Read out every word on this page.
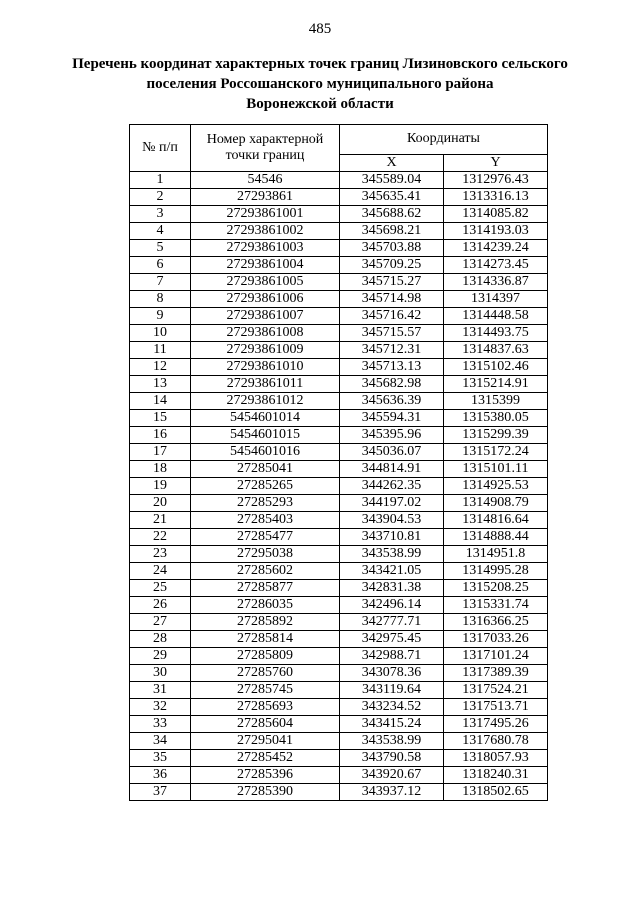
485
Перечень координат характерных точек границ Лизиновского сельского
поселения Россошанского муниципального района
Воронежской области
№ п/п	Номер характерной
точки границ	Координаты	
		X	Y
1	54546	345589.04	1312976.43
2	27293861	345635.41	1313316.13
3	27293861001	345688.62	1314085.82
4	27293861002	345698.21	1314193.03
5	27293861003	345703.88	1314239.24
6	27293861004	345709.25	1314273.45
7	27293861005	345715.27	1314336.87
8	27293861006	345714.98	1314397
9	27293861007	345716.42	1314448.58
10	27293861008	345715.57	1314493.75
11	27293861009	345712.31	1314837.63
12	27293861010	345713.13	1315102.46
13	27293861011	345682.98	1315214.91
14	27293861012	345636.39	1315399
15	5454601014	345594.31	1315380.05
16	5454601015	345395.96	1315299.39
17	5454601016	345036.07	1315172.24
18	27285041	344814.91	1315101.11
19	27285265	344262.35	1314925.53
20	27285293	344197.02	1314908.79
21	27285403	343904.53	1314816.64
22	27285477	343710.81	1314888.44
23	27295038	343538.99	1314951.8
24	27285602	343421.05	1314995.28
25	27285877	342831.38	1315208.25
26	27286035	342496.14	1315331.74
27	27285892	342777.71	1316366.25
28	27285814	342975.45	1317033.26
29	27285809	342988.71	1317101.24
30	27285760	343078.36	1317389.39
31	27285745	343119.64	1317524.21
32	27285693	343234.52	1317513.71
33	27285604	343415.24	1317495.26
34	27295041	343538.99	1317680.78
35	27285452	343790.58	1318057.93
36	27285396	343920.67	1318240.31
37	27285390	343937.12	1318502.65
